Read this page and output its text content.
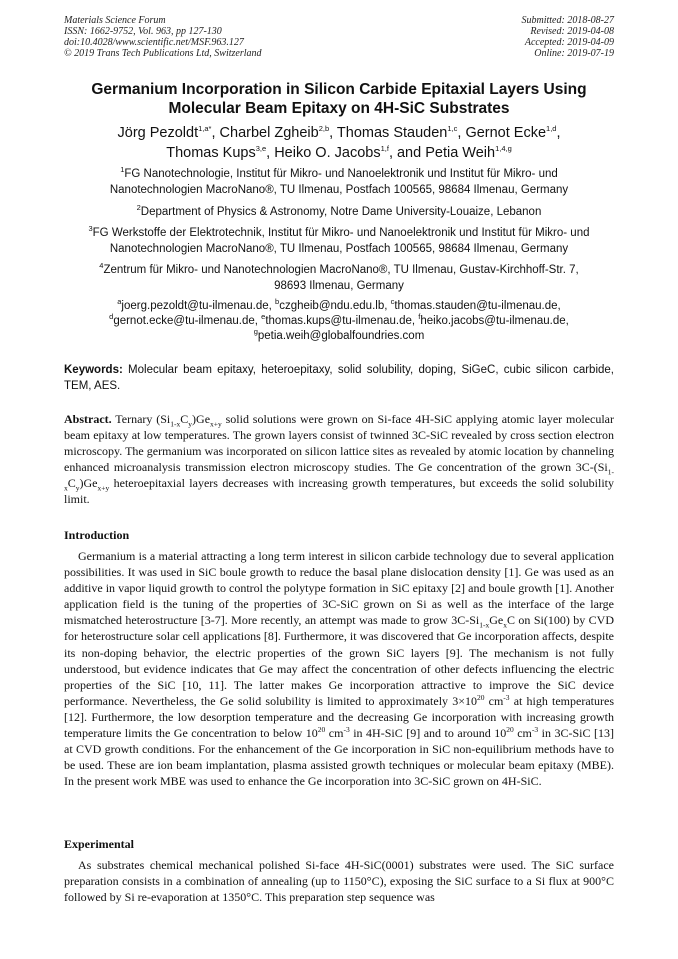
Materials Science Forum
ISSN: 1662-9752, Vol. 963, pp 127-130
doi:10.4028/www.scientific.net/MSF.963.127
© 2019 Trans Tech Publications Ltd, Switzerland
Submitted: 2018-08-27
Revised: 2019-04-08
Accepted: 2019-04-09
Online: 2019-07-19
Germanium Incorporation in Silicon Carbide Epitaxial Layers Using
Molecular Beam Epitaxy on 4H-SiC Substrates
Jörg Pezoldt$^{1,a*}$, Charbel Zgheib$^{2,b}$, Thomas Stauden$^{1,c}$, Gernot Ecke$^{1,d}$,
Thomas Kups$^{3,e}$, Heiko O. Jacobs$^{1,f}$, and Petia Weih$^{1,4,g}$
$^1$FG Nanotechnologie, Institut für Mikro- und Nanoelektronik und Institut für Mikro- und
Nanotechnologien MacroNano®, TU Ilmenau, Postfach 100565, 98684 Ilmenau, Germany
$^2$Department of Physics & Astronomy, Notre Dame University-Louaize, Lebanon
$^3$FG Werkstoffe der Elektrotechnik, Institut für Mikro- und Nanoelektronik und Institut für Mikro- und
Nanotechnologien MacroNano®, TU Ilmenau, Postfach 100565, 98684 Ilmenau, Germany
$^4$Zentrum für Mikro- und Nanotechnologien MacroNano®, TU Ilmenau, Gustav-Kirchhoff-Str. 7,
98693 Ilmenau, Germany
$^a$joerg.pezoldt@tu-ilmenau.de, $^b$czgheib@ndu.edu.lb, $^c$thomas.stauden@tu-ilmenau.de,
$^d$gernot.ecke@tu-ilmenau.de, $^e$thomas.kups@tu-ilmenau.de, $^f$heiko.jacobs@tu-ilmenau.de,
$^g$petia.weih@globalfoundries.com
Keywords: Molecular beam epitaxy, heteroepitaxy, solid solubility, doping, SiGeC, cubic silicon carbide, TEM, AES.
Abstract. Ternary $(Si_{1-x}C_y)Ge_{x+y}$ solid solutions were grown on Si-face 4H-SiC applying atomic layer molecular beam epitaxy at low temperatures. The grown layers consist of twinned 3C-SiC revealed by cross section electron microscopy. The germanium was incorporated on silicon lattice sites as revealed by atomic location by channeling enhanced microanalysis transmission electron microscopy studies. The Ge concentration of the grown $3C-(Si_{1-x}C_y)Ge_{x+y}$ heteroepitaxial layers decreases with increasing growth temperatures, but exceeds the solid solubility limit.
Introduction

Germanium is a material attracting a long term interest in silicon carbide technology due to several application possibilities. It was used in SiC boule growth to reduce the basal plane dislocation density [1]. Ge was used as an additive in vapor liquid growth to control the polytype formation in SiC epitaxy [2] and boule growth [1]. Another application field is the tuning of the properties of 3C-SiC grown on Si as well as the interface of the large mismatched heterostructure [3-7]. More recently, an attempt was made to grow $3C-Si_{1-x}Ge_xC$ on Si(100) by CVD for heterostructure solar cell applications [8]. Furthermore, it was discovered that Ge incorporation affects, despite its non-doping behavior, the electric properties of the grown SiC layers [9]. The mechanism is not fully understood, but evidence indicates that Ge may affect the concentration of other defects influencing the electric properties of the SiC [10, 11]. The latter makes Ge incorporation attractive to improve the SiC device performance. Nevertheless, the Ge solid solubility is limited to approximately $3\times 10^{20}$ $cm^{-3}$ at high temperatures [12]. Furthermore, the low desorption temperature and the decreasing Ge incorporation with increasing growth temperature limits the Ge concentration to below $10^{20}$ $cm^{-3}$ in 4H-SiC [9] and to around $10^{20}$ $cm^{-3}$ in 3C-SiC [13] at CVD growth conditions. For the enhancement of the Ge incorporation in SiC non-equilibrium methods have to be used. These are ion beam implantation, plasma assisted growth techniques or molecular beam epitaxy (MBE). In the present work MBE was used to enhance the Ge incorporation into 3C-SiC grown on 4H-SiC.

Experimental

As substrates chemical mechanical polished Si-face 4H-SiC(0001) substrates were used. The SiC surface preparation consists in a combination of annealing (up to 1150°C), exposing the SiC surface to a Si flux at 900°C followed by Si re-evaporation at 1350°C. This preparation step sequence was
